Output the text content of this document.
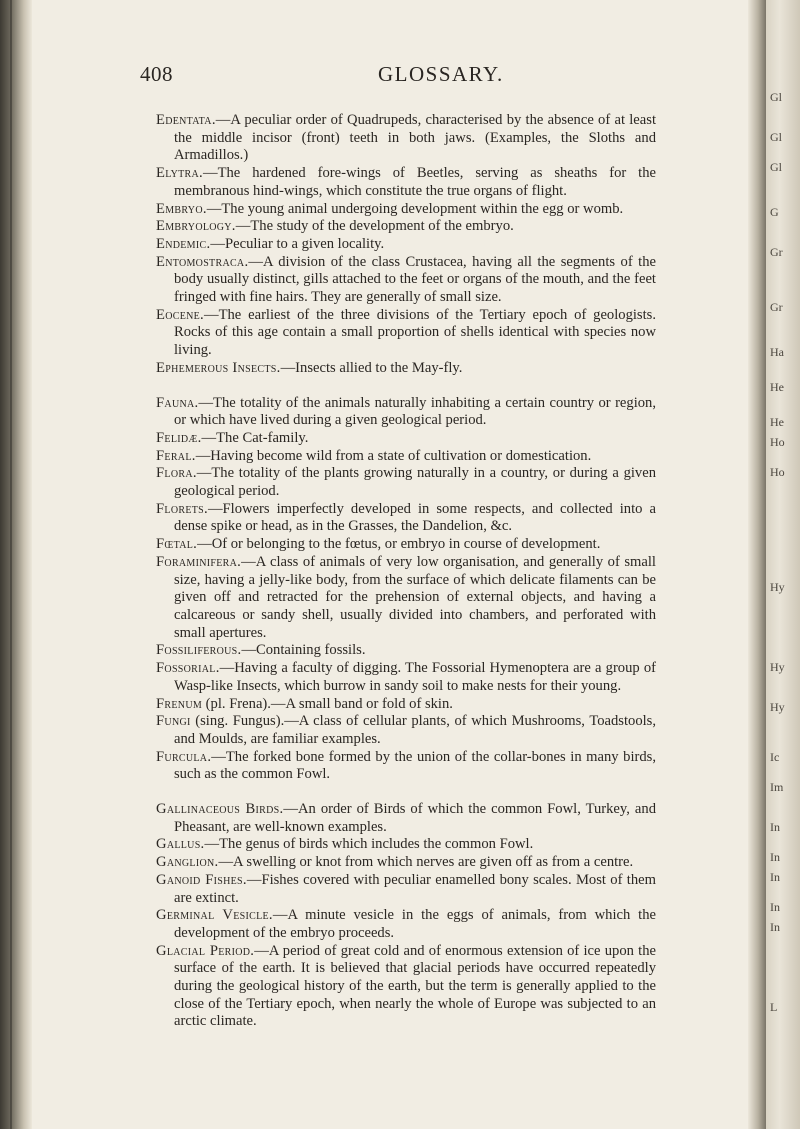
408	GLOSSARY.

Edentata.—A peculiar order of Quadrupeds, characterised by the absence of at least the middle incisor (front) teeth in both jaws. (Examples, the Sloths and Armadillos.)

Elytra.—The hardened fore-wings of Beetles, serving as sheaths for the membranous hind-wings, which constitute the true organs of flight.

Embryo.—The young animal undergoing development within the egg or womb.

Embryology.—The study of the development of the embryo.

Endemic.—Peculiar to a given locality.

Entomostraca.—A division of the class Crustacea, having all the segments of the body usually distinct, gills attached to the feet or organs of the mouth, and the feet fringed with fine hairs. They are generally of small size.

Eocene.—The earliest of the three divisions of the Tertiary epoch of geologists. Rocks of this age contain a small proportion of shells identical with species now living.

Ephemerous Insects.—Insects allied to the May-fly.

Fauna.—The totality of the animals naturally inhabiting a certain country or region, or which have lived during a given geological period.

Felidæ.—The Cat-family.

Feral.—Having become wild from a state of cultivation or domestication.

Flora.—The totality of the plants growing naturally in a country, or during a given geological period.

Florets.—Flowers imperfectly developed in some respects, and collected into a dense spike or head, as in the Grasses, the Dandelion, &c.

Fœtal.—Of or belonging to the fœtus, or embryo in course of development.

Foraminifera.—A class of animals of very low organisation, and generally of small size, having a jelly-like body, from the surface of which delicate filaments can be given off and retracted for the prehension of external objects, and having a calcareous or sandy shell, usually divided into chambers, and perforated with small apertures.

Fossiliferous.—Containing fossils.

Fossorial.—Having a faculty of digging. The Fossorial Hymenoptera are a group of Wasp-like Insects, which burrow in sandy soil to make nests for their young.

Frenum (pl. Frena).—A small band or fold of skin.

Fungi (sing. Fungus).—A class of cellular plants, of which Mushrooms, Toadstools, and Moulds, are familiar examples.

Furcula.—The forked bone formed by the union of the collar-bones in many birds, such as the common Fowl.

Gallinaceous Birds.—An order of Birds of which the common Fowl, Turkey, and Pheasant, are well-known examples.

Gallus.—The genus of birds which includes the common Fowl.

Ganglion.—A swelling or knot from which nerves are given off as from a centre.

Ganoid Fishes.—Fishes covered with peculiar enamelled bony scales. Most of them are extinct.

Germinal Vesicle.—A minute vesicle in the eggs of animals, from which the development of the embryo proceeds.

Glacial Period.—A period of great cold and of enormous extension of ice upon the surface of the earth. It is believed that glacial periods have occurred repeatedly during the geological history of the earth, but the term is generally applied to the close of the Tertiary epoch, when nearly the whole of Europe was subjected to an arctic climate.

Gl
Gl
Gl
G
Gr
Gr
Ha
He
He
Ho
Ho
Hy
Hy
Hy
Ic
Im
In
In
In
In
In
L
